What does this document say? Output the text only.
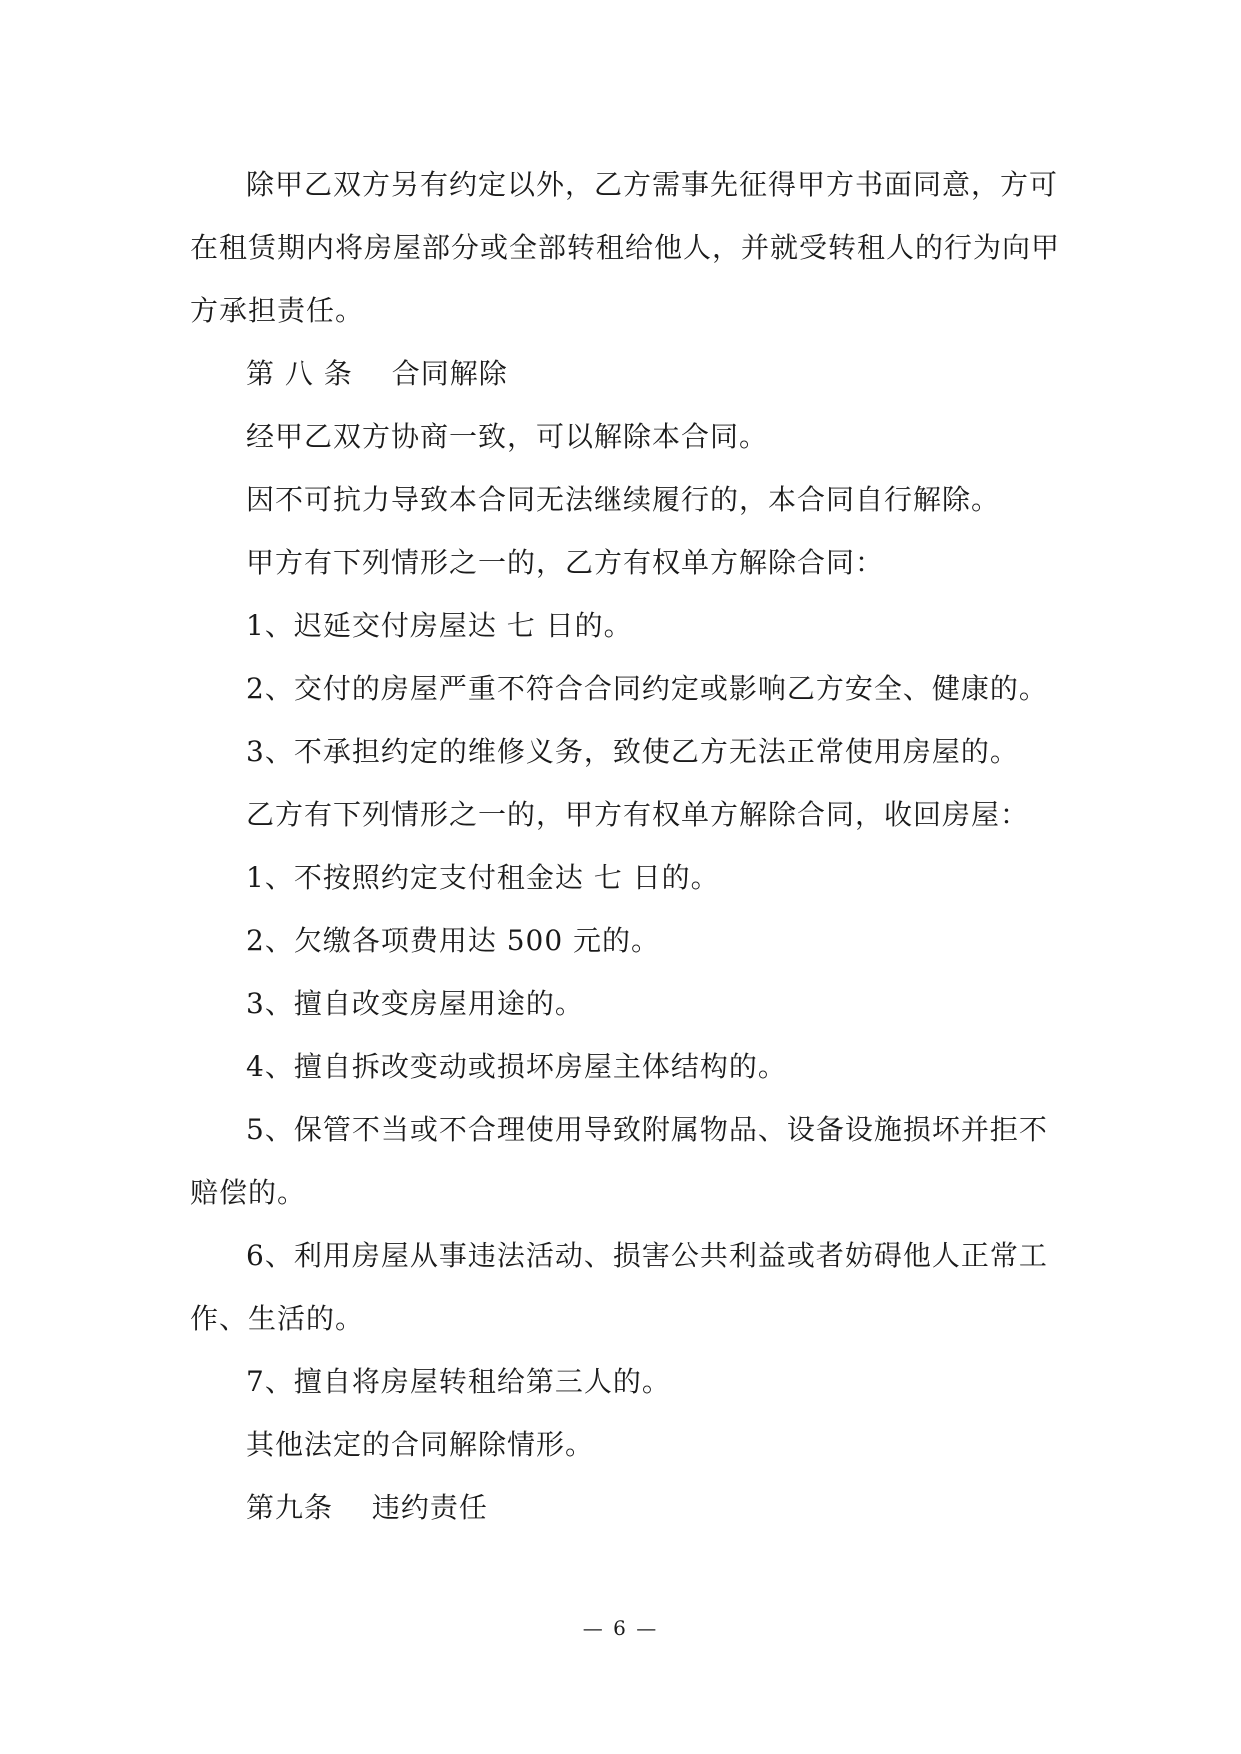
除甲乙双方另有约定以外，乙方需事先征得甲方书面同意，方可
在租赁期内将房屋部分或全部转租给他人，并就受转租人的行为向甲
方承担责任。
第 八 条　 合同解除
经甲乙双方协商一致，可以解除本合同。
因不可抗力导致本合同无法继续履行的，本合同自行解除。
甲方有下列情形之一的，乙方有权单方解除合同：
1、迟延交付房屋达 七 日的。
2、交付的房屋严重不符合合同约定或影响乙方安全、健康的。
3、不承担约定的维修义务，致使乙方无法正常使用房屋的。
乙方有下列情形之一的，甲方有权单方解除合同，收回房屋：
1、不按照约定支付租金达 七 日的。
2、欠缴各项费用达 500 元的。
3、擅自改变房屋用途的。
4、擅自拆改变动或损坏房屋主体结构的。
5、保管不当或不合理使用导致附属物品、设备设施损坏并拒不
赔偿的。
6、利用房屋从事违法活动、损害公共利益或者妨碍他人正常工
作、生活的。
7、擅自将房屋转租给第三人的。
其他法定的合同解除情形。
第九条　 违约责任
— 6 —
